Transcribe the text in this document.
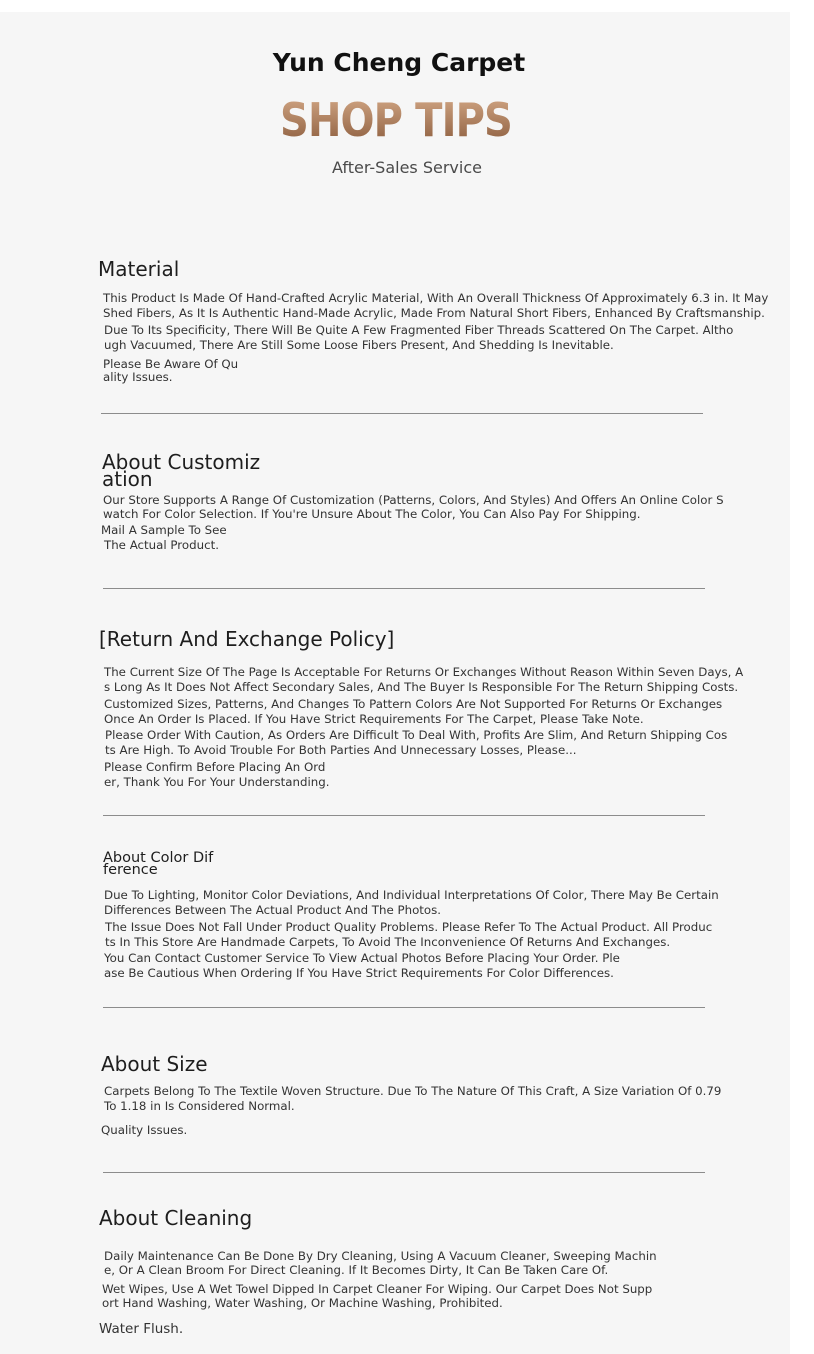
Yun Cheng Carpet
SHOP TIPS
After-Sales Service
Material
This Product Is Made Of Hand-Crafted Acrylic Material, With An Overall Thickness Of Approximately 6.3 in. It May
Shed Fibers, As It Is Authentic Hand-Made Acrylic, Made From Natural Short Fibers, Enhanced By Craftsmanship.
Due To Its Specificity, There Will Be Quite A Few Fragmented Fiber Threads Scattered On The Carpet. Altho
ugh Vacuumed, There Are Still Some Loose Fibers Present, And Shedding Is Inevitable.
Please Be Aware Of Qu
ality Issues.
About Customiz
ation
Our Store Supports A Range Of Customization (Patterns, Colors, And Styles) And Offers An Online Color S
watch For Color Selection. If You're Unsure About The Color, You Can Also Pay For Shipping.
Mail A Sample To See
The Actual Product.
[Return And Exchange Policy]
The Current Size Of The Page Is Acceptable For Returns Or Exchanges Without Reason Within Seven Days, A
s Long As It Does Not Affect Secondary Sales, And The Buyer Is Responsible For The Return Shipping Costs.
Customized Sizes, Patterns, And Changes To Pattern Colors Are Not Supported For Returns Or Exchanges
Once An Order Is Placed. If You Have Strict Requirements For The Carpet, Please Take Note.
Please Order With Caution, As Orders Are Difficult To Deal With, Profits Are Slim, And Return Shipping Cos
ts Are High. To Avoid Trouble For Both Parties And Unnecessary Losses, Please...
Please Confirm Before Placing An Ord
er, Thank You For Your Understanding.
About Color Dif
ference
Due To Lighting, Monitor Color Deviations, And Individual Interpretations Of Color, There May Be Certain
Differences Between The Actual Product And The Photos.
The Issue Does Not Fall Under Product Quality Problems. Please Refer To The Actual Product. All Produc
ts In This Store Are Handmade Carpets, To Avoid The Inconvenience Of Returns And Exchanges.
You Can Contact Customer Service To View Actual Photos Before Placing Your Order. Ple
ase Be Cautious When Ordering If You Have Strict Requirements For Color Differences.
About Size
Carpets Belong To The Textile Woven Structure. Due To The Nature Of This Craft, A Size Variation Of 0.79
To 1.18 in Is Considered Normal.
Quality Issues.
About Cleaning
Daily Maintenance Can Be Done By Dry Cleaning, Using A Vacuum Cleaner, Sweeping Machin
e, Or A Clean Broom For Direct Cleaning. If It Becomes Dirty, It Can Be Taken Care Of.
Wet Wipes, Use A Wet Towel Dipped In Carpet Cleaner For Wiping. Our Carpet Does Not Supp
ort Hand Washing, Water Washing, Or Machine Washing, Prohibited.
Water Flush.
